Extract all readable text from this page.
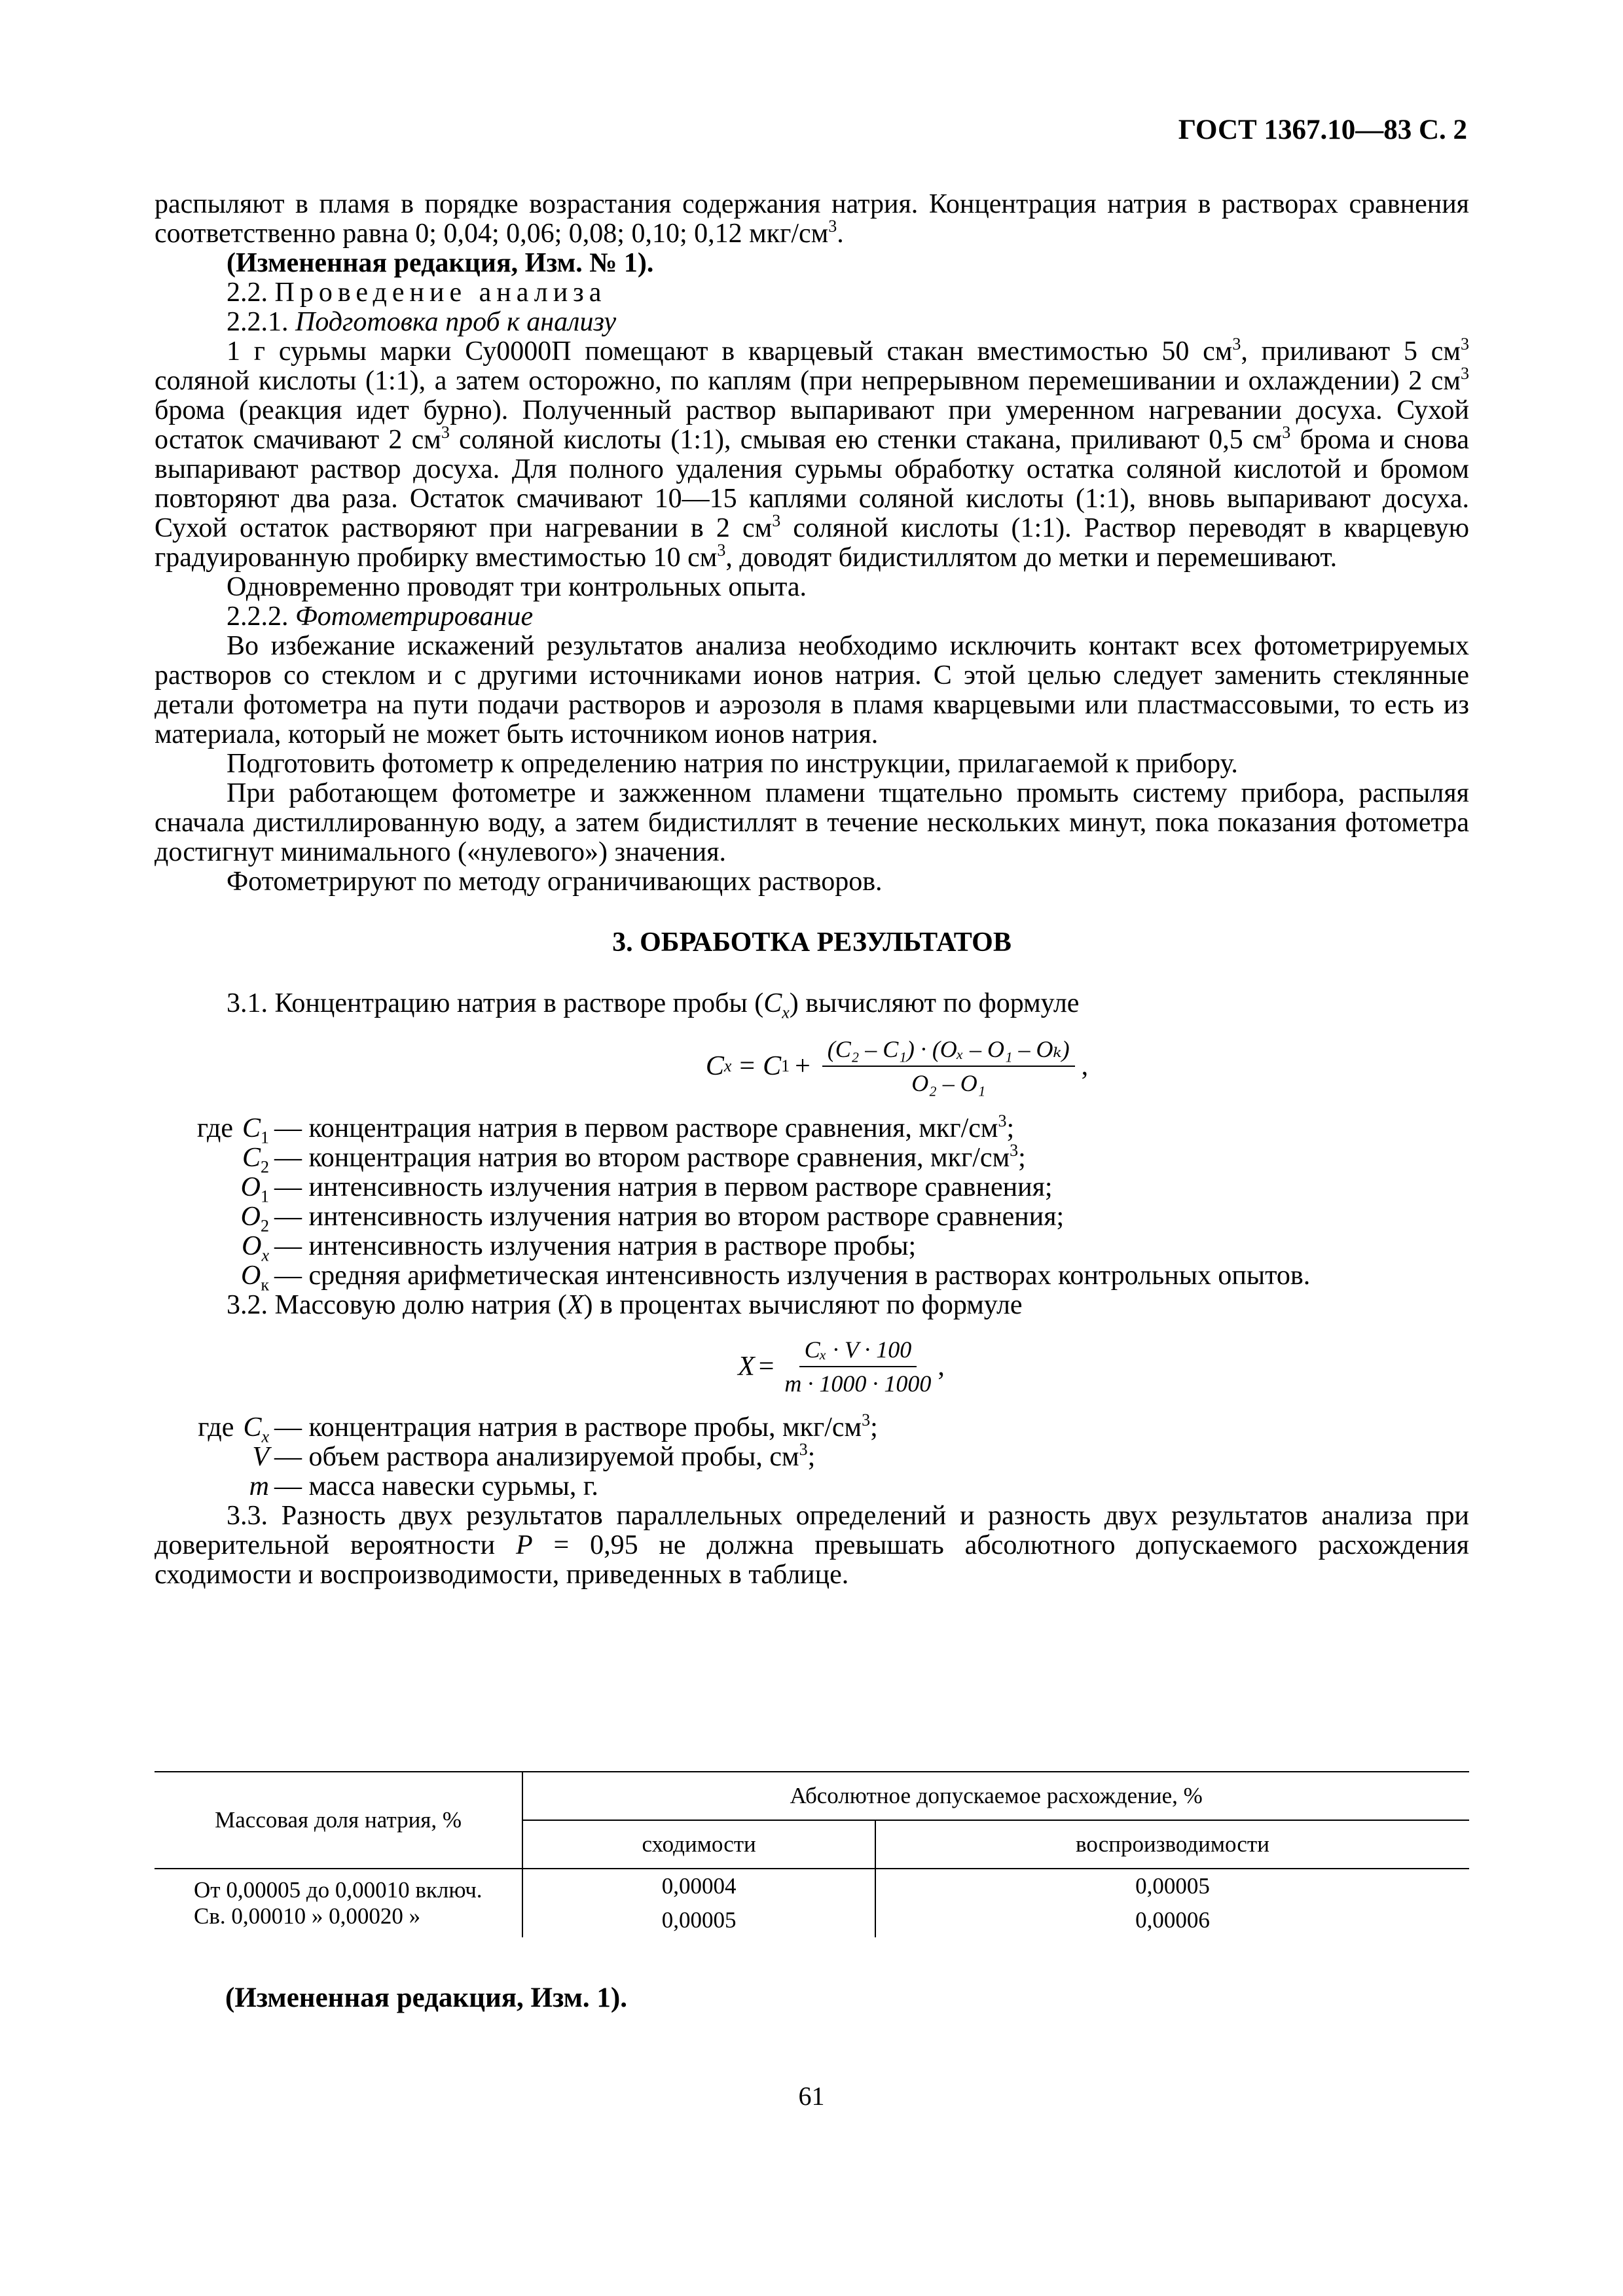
ГОСТ 1367.10—83 С. 2

распыляют в пламя в порядке возрастания содержания натрия. Концентрация натрия в растворах сравнения соответственно равна 0; 0,04; 0,06; 0,08; 0,10; 0,12 мкг/$см^3$.

(Измененная редакция, Изм. № 1).

2.2. Проведение анализа

2.2.1. Подготовка проб к анализу

1 г сурьмы марки Су0000П помещают в кварцевый стакан вместимостью 50 $см^3$, приливают 5 $см^3$ соляной кислоты (1:1), а затем осторожно, по каплям (при непрерывном перемешивании и охлаждении) 2 $см^3$ брома (реакция идет бурно). Полученный раствор выпаривают при умеренном нагревании досуха. Сухой остаток смачивают 2 $см^3$ соляной кислоты (1:1), смывая ею стенки стакана, приливают 0,5 $см^3$ брома и снова выпаривают раствор досуха. Для полного удаления сурьмы обработку остатка соляной кислотой и бромом повторяют два раза. Остаток смачивают 10—15 каплями соляной кислоты (1:1), вновь выпаривают досуха. Сухой остаток растворяют при нагревании в 2 $см^3$ соляной кислоты (1:1). Раствор переводят в кварцевую градуированную пробирку вместимостью 10 $см^3$, доводят бидистиллятом до метки и перемешивают.

Одновременно проводят три контрольных опыта.

2.2.2. Фотометрирование

Во избежание искажений результатов анализа необходимо исключить контакт всех фотометрируемых растворов со стеклом и с другими источниками ионов натрия. С этой целью следует заменить стеклянные детали фотометра на пути подачи растворов и аэрозоля в пламя кварцевыми или пластмассовыми, то есть из материала, который не может быть источником ионов натрия.

Подготовить фотометр к определению натрия по инструкции, прилагаемой к прибору.

При работающем фотометре и зажженном пламени тщательно промыть систему прибора, распыляя сначала дистиллированную воду, а затем бидистиллят в течение нескольких минут, пока показания фотометра достигнут минимального («нулевого») значения.

Фотометрируют по методу ограничивающих растворов.

3. ОБРАБОТКА РЕЗУЛЬТАТОВ

3.1. Концентрацию натрия в растворе пробы $(C_x)$ вычисляют по формуле

C x = C $1 + \frac{\text{(C₂ – C₁) · (Oₓ – O₁ – Oₖ)}}{\text{O₂ – O₁}}$ ,
где $C_1$ — концентрация натрия в первом растворе сравнения, мкг/$см^3$;
$C_2$ — концентрация натрия во втором растворе сравнения, мкг/$см^3$;
$O_1$ — интенсивность излучения натрия в первом растворе сравнения;
$O_2$ — интенсивность излучения натрия во втором растворе сравнения;
$O_x$ — интенсивность излучения натрия в растворе пробы;
$O_к$ — средняя арифметическая интенсивность излучения в растворах контрольных опытов.

3.2. Массовую долю натрия (X) в процентах вычисляют по формуле

$X = \frac{\text{Cₓ · V · 100}}{m \cdot 1000 \cdot 1000}$ ,
где $C_x$ — концентрация натрия в растворе пробы, мкг/$см^3$;
V — объем раствора анализируемой пробы, $см^3$;
m — масса навески сурьмы, г.

3.3. Разность двух результатов параллельных определений и разность двух результатов анализа при доверительной вероятности P = 0,95 не должна превышать абсолютного допускаемого расхождения сходимости и воспроизводимости, приведенных в таблице.

Массовая доля натрия, %	Абсолютное допускаемое расхождение, %	
	сходимости	воспроизводимости
От 0,00005 до 0,00010 включ.	0,00004	0,00005
Св. 0,00010 » 0,00020 »	0,00005	0,00006
(Измененная редакция, Изм. 1).
61
